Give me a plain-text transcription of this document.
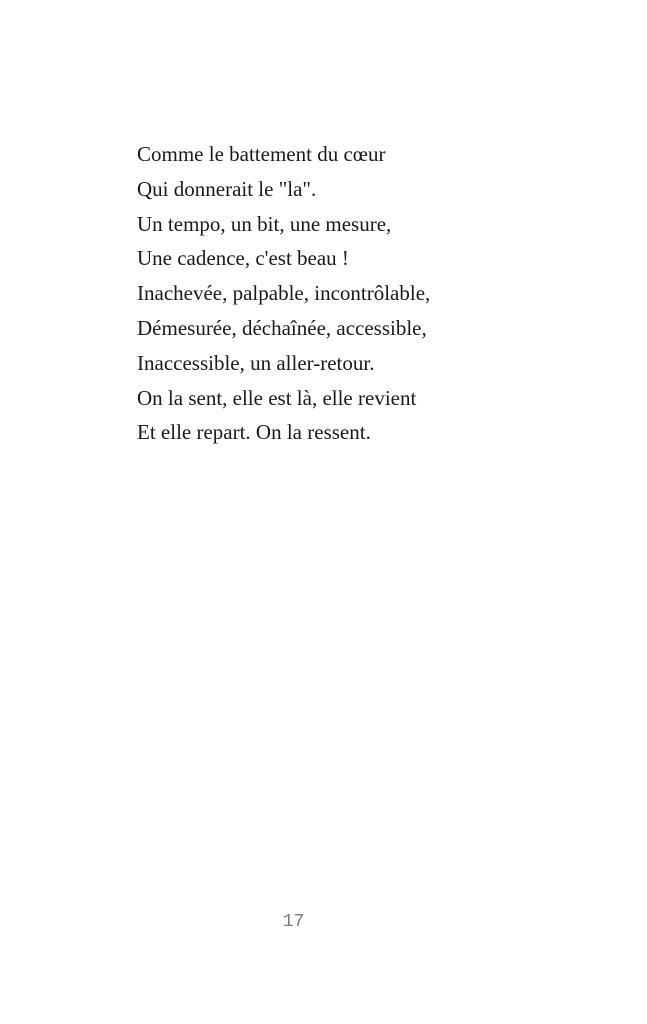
Comme le battement du cœur
Qui donnerait le "la".
Un tempo, un bit, une mesure,
Une cadence, c'est beau !
Inachevée, palpable, incontrôlable,
Démesurée, déchaînée, accessible,
Inaccessible, un aller-retour.
On la sent, elle est là, elle revient
Et elle repart. On la ressent.
17
